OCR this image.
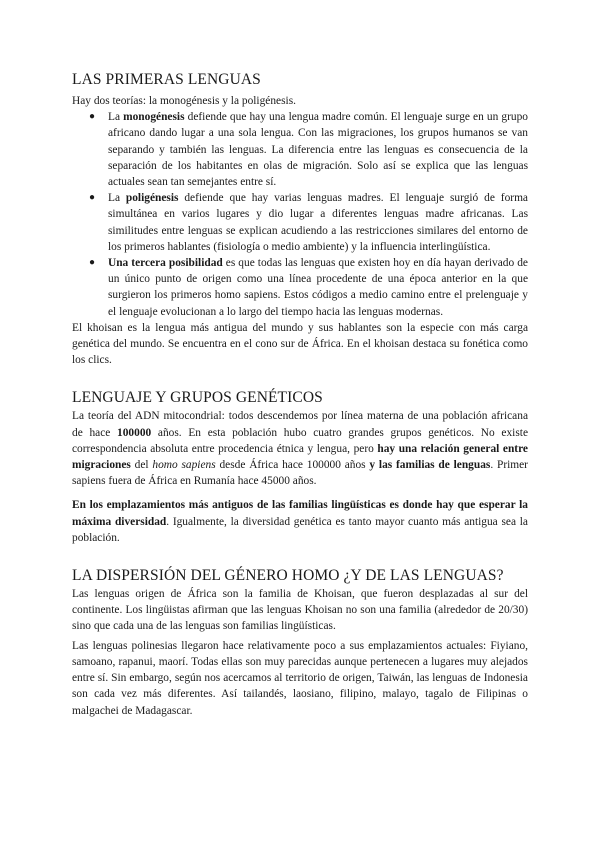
LAS PRIMERAS LENGUAS

Hay dos teorías: la monogénesis y la poligénesis.

● La monogénesis defiende que hay una lengua madre común. El lenguaje surge en un grupo africano dando lugar a una sola lengua. Con las migraciones, los grupos humanos se van separando y también las lenguas. La diferencia entre las lenguas es consecuencia de la separación de los habitantes en olas de migración. Solo así se explica que las lenguas actuales sean tan semejantes entre sí.
● La poligénesis defiende que hay varias lenguas madres. El lenguaje surgió de forma simultánea en varios lugares y dio lugar a diferentes lenguas madre africanas. Las similitudes entre lenguas se explican acudiendo a las restricciones similares del entorno de los primeros hablantes (fisiología o medio ambiente) y la influencia interlingüística.
● Una tercera posibilidad es que todas las lenguas que existen hoy en día hayan derivado de un único punto de origen como una línea procedente de una época anterior en la que surgieron los primeros homo sapiens. Estos códigos a medio camino entre el prelenguaje y el lenguaje evolucionan a lo largo del tiempo hacia las lenguas modernas.

El khoisan es la lengua más antigua del mundo y sus hablantes son la especie con más carga genética del mundo. Se encuentra en el cono sur de África. En el khoisan destaca su fonética como los clics.

LENGUAJE Y GRUPOS GENÉTICOS

La teoría del ADN mitocondrial: todos descendemos por línea materna de una población africana de hace 100000 años. En esta población hubo cuatro grandes grupos genéticos. No existe correspondencia absoluta entre procedencia étnica y lengua, pero hay una relación general entre migraciones del homo sapiens desde África hace 100000 años y las familias de lenguas. Primer sapiens fuera de África en Rumanía hace 45000 años.

En los emplazamientos más antiguos de las familias lingüísticas es donde hay que esperar la máxima diversidad. Igualmente, la diversidad genética es tanto mayor cuanto más antigua sea la población.

LA DISPERSIÓN DEL GÉNERO HOMO ¿Y DE LAS LENGUAS?

Las lenguas origen de África son la familia de Khoisan, que fueron desplazadas al sur del continente. Los lingüistas afirman que las lenguas Khoisan no son una familia (alrededor de 20/30) sino que cada una de las lenguas son familias lingüísticas.

Las lenguas polinesias llegaron hace relativamente poco a sus emplazamientos actuales: Fiyiano, samoano, rapanui, maorí. Todas ellas son muy parecidas aunque pertenecen a lugares muy alejados entre sí. Sin embargo, según nos acercamos al territorio de origen, Taiwán, las lenguas de Indonesia son cada vez más diferentes. Así tailandés, laosiano, filipino, malayo, tagalo de Filipinas o malgachei de Madagascar.
